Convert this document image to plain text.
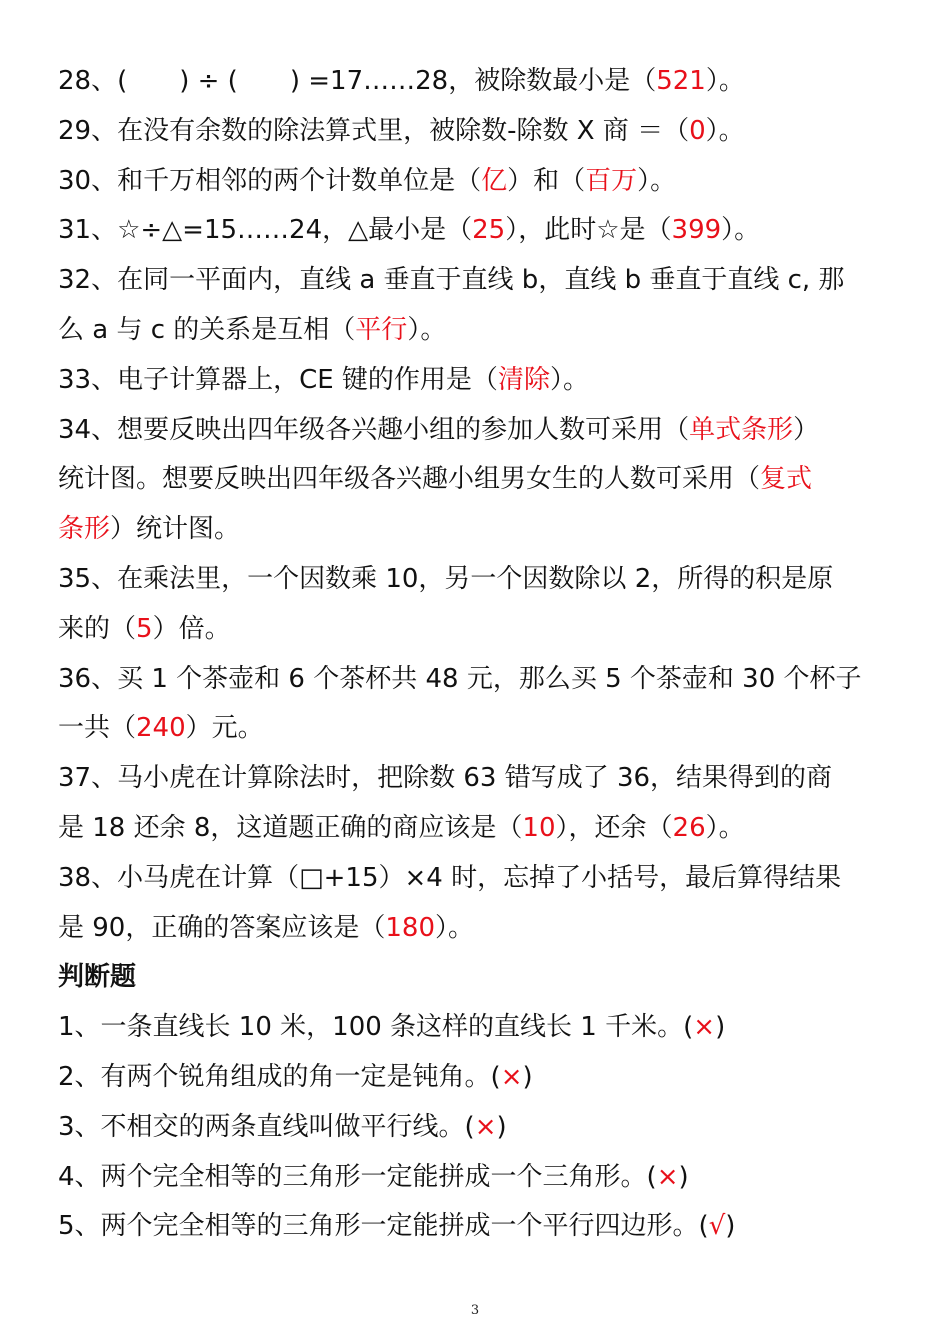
28、(　　) ÷ (　　) =17……28，被除数最小是（521）。
29、在没有余数的除法算式里，被除数-除数 X 商 ＝（0）。
30、和千万相邻的两个计数单位是（亿）和（百万）。
31、☆÷△=15……24，△最小是（25），此时☆是（399）。
32、在同一平面内，直线 a 垂直于直线 b，直线 b 垂直于直线 c, 那
么 a 与 c 的关系是互相（平行）。
33、电子计算器上，CE 键的作用是（清除）。
34、想要反映出四年级各兴趣小组的参加人数可采用（单式条形）
统计图。想要反映出四年级各兴趣小组男女生的人数可采用（复式
条形）统计图。
35、在乘法里，一个因数乘 10，另一个因数除以 2，所得的积是原
来的（5）倍。
36、买 1 个茶壶和 6 个茶杯共 48 元，那么买 5 个茶壶和 30 个杯子
一共（240）元。
37、马小虎在计算除法时，把除数 63 错写成了 36，结果得到的商
是 18 还余 8，这道题正确的商应该是（10），还余（26）。
38、小马虎在计算（□+15）×4 时，忘掉了小括号，最后算得结果
是 90，正确的答案应该是（180）。
判断题
1、一条直线长 10 米，100 条这样的直线长 1 千米。(×)
2、有两个锐角组成的角一定是钝角。(×)
3、不相交的两条直线叫做平行线。(×)
4、两个完全相等的三角形一定能拼成一个三角形。(×)
5、两个完全相等的三角形一定能拼成一个平行四边形。(√)
3
